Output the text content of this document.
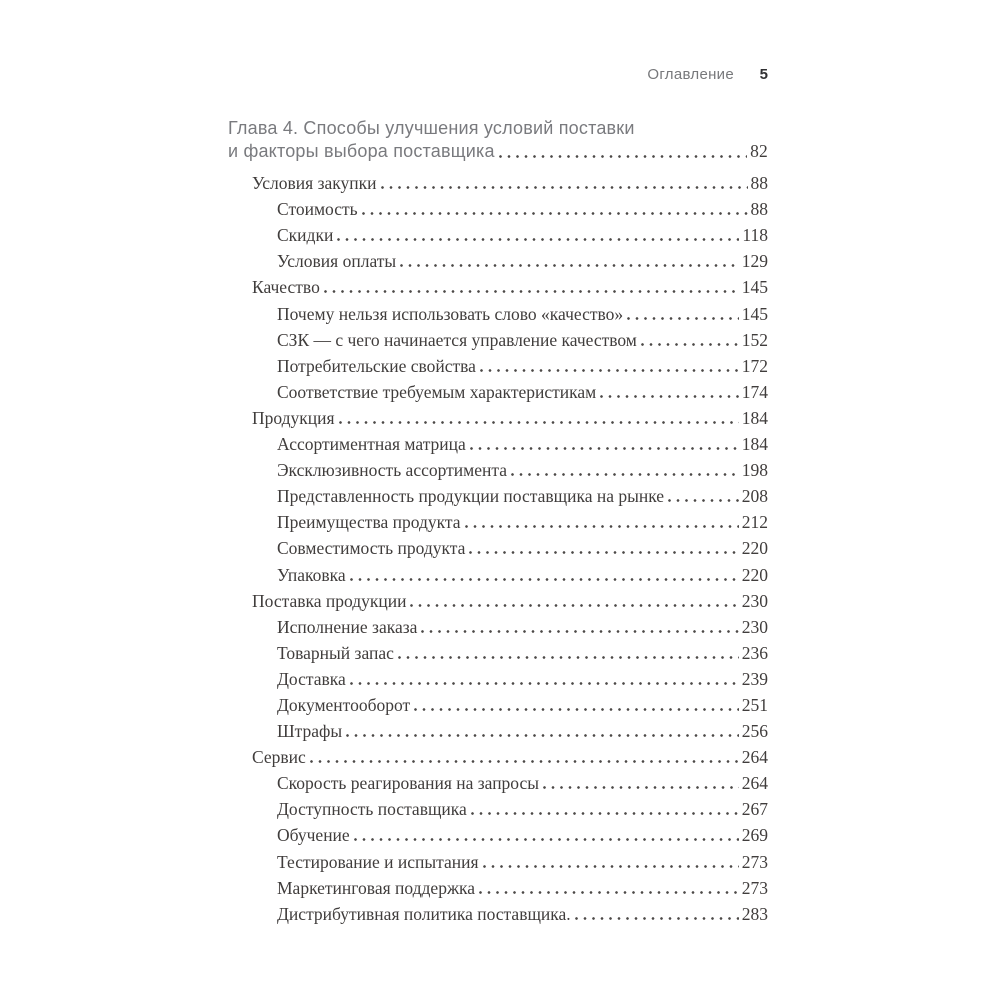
Оглавление 5
Глава 4. Способы улучшения условий поставки
и факторы выбора поставщика	82
Условия закупки	88
Стоимость	88
Скидки	118
Условия оплаты	129
Качество	145
Почему нельзя использовать слово «качество»	145
СЗК — с чего начинается управление качеством	152
Потребительские свойства	172
Соответствие требуемым характеристикам	174
Продукция	184
Ассортиментная матрица	184
Эксклюзивность ассортимента	198
Представленность продукции поставщика на рынке	208
Преимущества продукта	212
Совместимость продукта	220
Упаковка	220
Поставка продукции	230
Исполнение заказа	230
Товарный запас	236
Доставка	239
Документооборот	251
Штрафы	256
Сервис	264
Скорость реагирования на запросы	264
Доступность поставщика	267
Обучение	269
Тестирование и испытания	273
Маркетинговая поддержка	273
Дистрибутивная политика поставщика.	283
